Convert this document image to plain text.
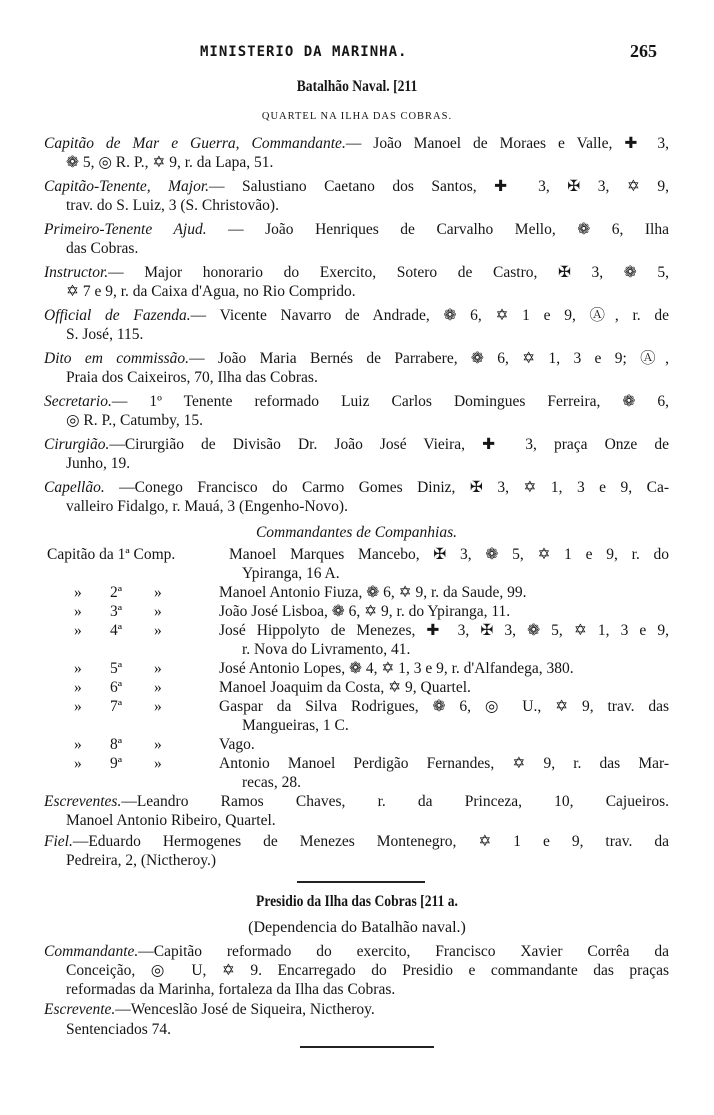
MINISTERIO DA MARINHA.	265
Batalhão Naval. [211
QUARTEL NA ILHA DAS COBRAS.
Capitão de Mar e Guerra, Commandante.— João Manoel de Moraes e Valle, ✚ 3,
❁ 5, ◎ R. P., ✡ 9, r. da Lapa, 51.
Capitão-Tenente, Major.— Salustiano Caetano dos Santos, ✚ 3, ✠ 3, ✡ 9,
trav. do S. Luiz, 3 (S. Christovão).
Primeiro-Tenente Ajud. — João Henriques de Carvalho Mello, ❁ 6, Ilha
das Cobras.
Instructor.— Major honorario do Exercito, Sotero de Castro, ✠ 3, ❁ 5,
✡ 7 e 9, r. da Caixa d'Agua, no Rio Comprido.
Official de Fazenda.— Vicente Navarro de Andrade, ❁ 6, ✡ 1 e 9, Ⓐ, r. de
S. José, 115.
Dito em commissão.— João Maria Bernés de Parrabere, ❁ 6, ✡ 1, 3 e 9; Ⓐ,
Praia dos Caixeiros, 70, Ilha das Cobras.
Secretario.— 1º Tenente reformado Luiz Carlos Domingues Ferreira, ❁ 6,
◎ R. P., Catumby, 15.
Cirurgião.—Cirurgião de Divisão Dr. João José Vieira, ✚ 3, praça Onze de
Junho, 19.
Capellão. —Conego Francisco do Carmo Gomes Diniz, ✠ 3, ✡ 1, 3 e 9, Ca-
valleiro Fidalgo, r. Mauá, 3 (Engenho-Novo).
Commandantes de Companhias.
Capitão da 1ª Comp.	Manoel Marques Mancebo, ✠ 3, ❁ 5, ✡ 1 e 9, r. do
Ypiranga, 16 A.
»	2ª	»	Manoel Antonio Fiuza, ❁ 6, ✡ 9, r. da Saude, 99.
»	3ª	»	João José Lisboa, ❁ 6, ✡ 9, r. do Ypiranga, 11.
»	4ª	»	José Hippolyto de Menezes, ✚ 3, ✠ 3, ❁ 5, ✡ 1, 3 e 9,
r. Nova do Livramento, 41.
»	5ª	»	José Antonio Lopes, ❁ 4, ✡ 1, 3 e 9, r. d'Alfandega, 380.
»	6ª	»	Manoel Joaquim da Costa, ✡ 9, Quartel.
»	7ª	»	Gaspar da Silva Rodrigues, ❁ 6, ◎ U., ✡ 9, trav. das
Mangueiras, 1 C.
»	8ª	»	Vago.
»	9ª	»	Antonio Manoel Perdigão Fernandes, ✡ 9, r. das Mar-
recas, 28.
Escreventes.—Leandro Ramos Chaves, r. da Princeza, 10, Cajueiros.
Manoel Antonio Ribeiro, Quartel.
Fiel.—Eduardo Hermogenes de Menezes Montenegro, ✡ 1 e 9, trav. da
Pedreira, 2, (Nictheroy.)
Presidio da Ilha das Cobras [211 a.
(Dependencia do Batalhão naval.)
Commandante.—Capitão reformado do exercito, Francisco Xavier Corrêa da
Conceição, ◎ U, ✡ 9. Encarregado do Presidio e commandante das praças
reformadas da Marinha, fortaleza da Ilha das Cobras.
Escrevente.—Wenceslão José de Siqueira, Nictheroy.
Sentenciados 74.
